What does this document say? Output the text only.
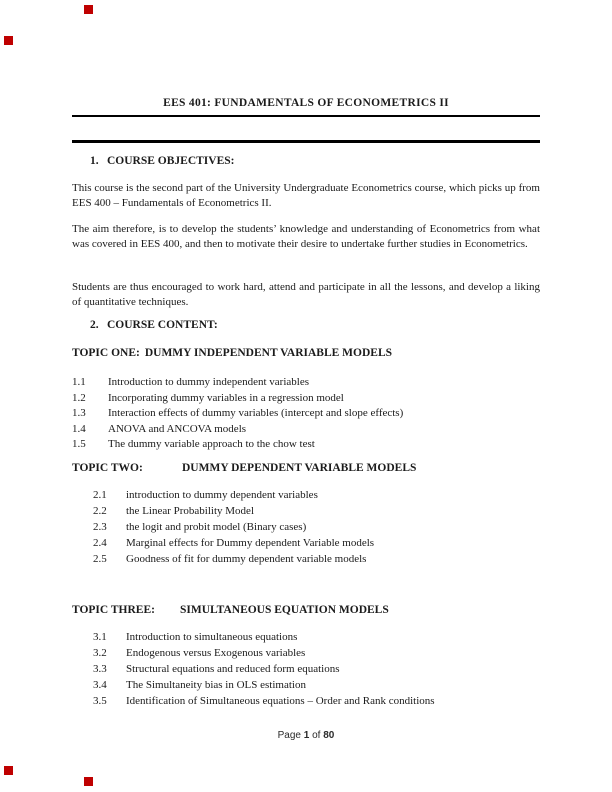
EES 401: FUNDAMENTALS OF ECONOMETRICS II
1. COURSE OBJECTIVES:
This course is the second part of the University Undergraduate Econometrics course, which picks up from EES 400 – Fundamentals of Econometrics II.
The aim therefore, is to develop the students’ knowledge and understanding of Econometrics from what was covered in EES 400, and then to motivate their desire to undertake further studies in Econometrics.
Students are thus encouraged to work hard, attend and participate in all the lessons, and develop a liking of quantitative techniques.
2. COURSE CONTENT:
TOPIC ONE: DUMMY INDEPENDENT VARIABLE MODELS
1.1	Introduction to dummy independent variables
1.2	Incorporating dummy variables in a regression model
1.3	Interaction effects of dummy variables (intercept and slope effects)
1.4	ANOVA and ANCOVA models
1.5	The dummy variable approach to the chow test
TOPIC TWO:	DUMMY DEPENDENT VARIABLE MODELS
2.1	introduction to dummy dependent variables
2.2	the Linear Probability Model
2.3	the logit and probit model (Binary cases)
2.4	Marginal effects for Dummy dependent Variable models
2.5	Goodness of fit for dummy dependent variable models
TOPIC THREE:	SIMULTANEOUS EQUATION MODELS
3.1	Introduction to simultaneous equations
3.2	Endogenous versus Exogenous variables
3.3	Structural equations and reduced form equations
3.4	The Simultaneity bias in OLS estimation
3.5	Identification of Simultaneous equations – Order and Rank conditions
Page 1 of 80
